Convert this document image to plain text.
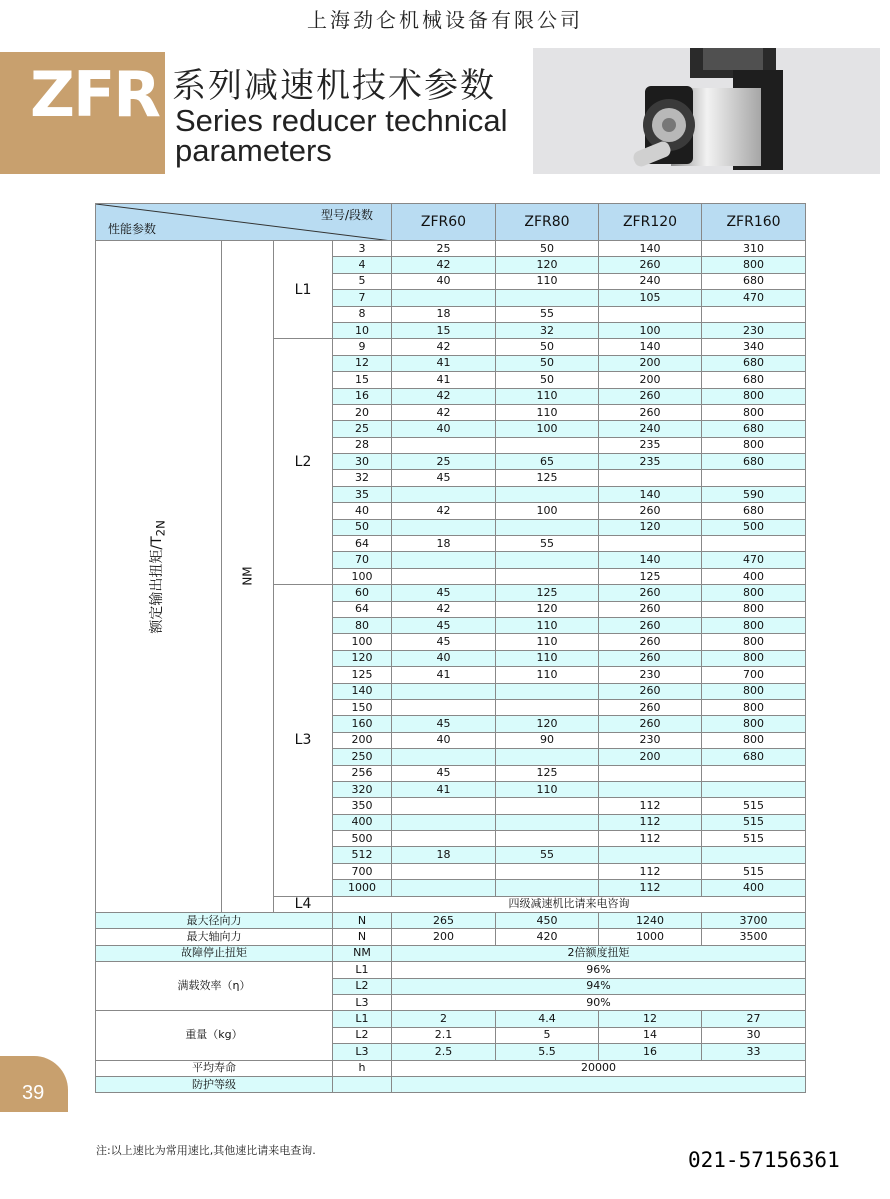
上海劲仑机械设备有限公司
ZFR 系列减速机技术参数
Series reducer technical
parameters
型号/段数
性能参数				ZFR60	ZFR80	ZFR120	ZFR160
额定输出扭矩$/T_{2N}$	NM	L1	3	25	50	140	310
			4	42	120	260	800
			5	40	110	240	680
			7			105	470
			8	18	55		
			10	15	32	100	230
		L2	9	42	50	140	340
			12	41	50	200	680
			15	41	50	200	680
			16	42	110	260	800
			20	42	110	260	800
			25	40	100	240	680
			28			235	800
			30	25	65	235	680
			32	45	125		
			35			140	590
			40	42	100	260	680
			50			120	500
			64	18	55		
			70			140	470
			100			125	400
		L3	60	45	125	260	800
			64	42	120	260	800
			80	45	110	260	800
			100	45	110	260	800
			120	40	110	260	800
			125	41	110	230	700
			140			260	800
			150			260	800
			160	45	120	260	800
			200	40	90	230	800
			250			200	680
			256	45	125		
			320	41	110		
			350			112	515
			400			112	515
			500			112	515
			512	18	55		
			700			112	515
			1000			112	400
		L4	四级减速机比请来电咨询				
最大径向力			N	265	450	1240	3700
最大轴向力			N	200	420	1000	3500
故障停止扭矩			NM	2倍额度扭矩			
满载效率（η）			L1	96%			
			L2	94%			
			L3	90%			
重量（kg）			L1	2	4.4	12	27
			L2	2.1	5	14	30
			L3	2.5	5.5	16	33
平均寿命			h	20000			
防护等级							
39
注:以上速比为常用速比,其他速比请来电查询.	021-57156361
